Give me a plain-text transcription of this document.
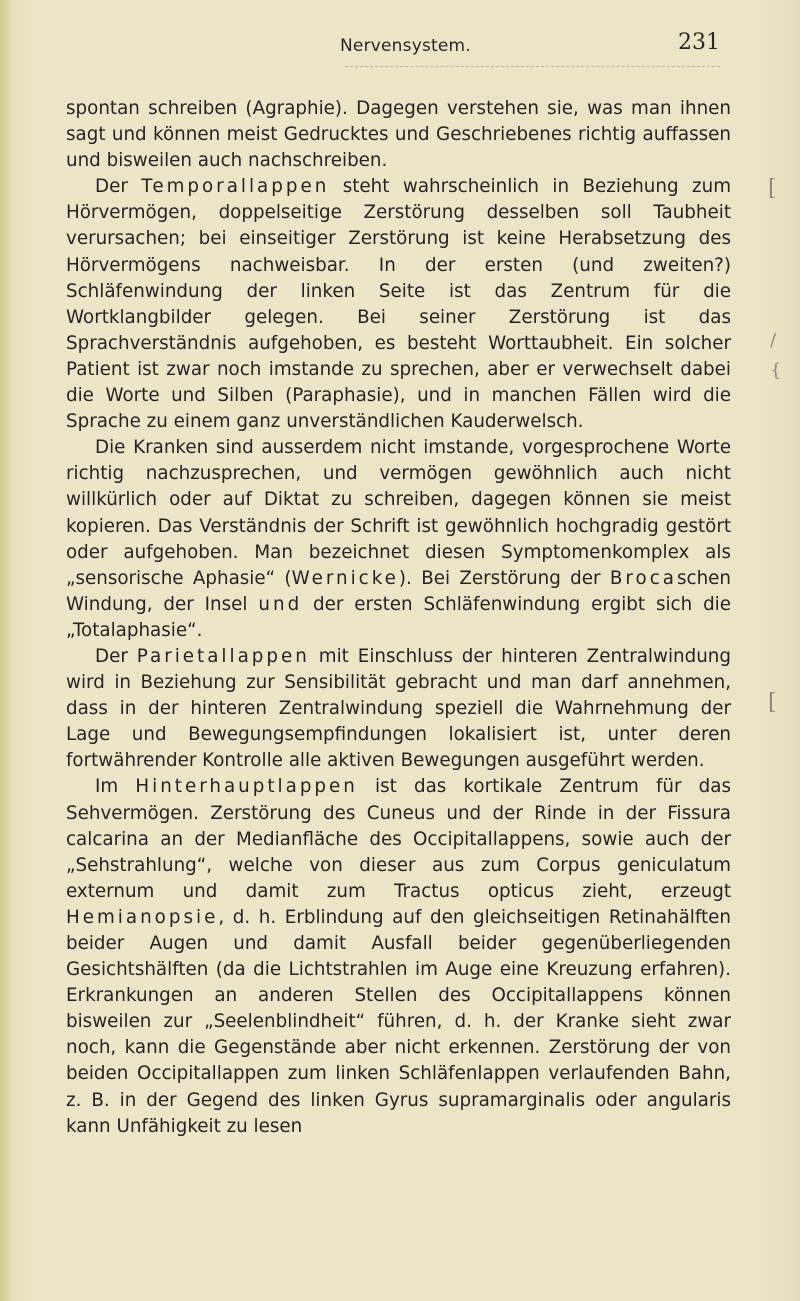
Nervensystem.	231

spontan schreiben (Agraphie). Dagegen verstehen sie, was man ihnen sagt und können meist Gedrucktes und Geschriebenes richtig auffassen und bisweilen auch nachschreiben.

Der Temporallappen steht wahrscheinlich in Beziehung zum Hörvermögen, doppelseitige Zerstörung desselben soll Taubheit verursachen; bei einseitiger Zerstörung ist keine Herabsetzung des Hörvermögens nachweisbar. In der ersten (und zweiten?) Schläfenwindung der linken Seite ist das Zentrum für die Wortklangbilder gelegen. Bei seiner Zerstörung ist das Sprachverständnis aufgehoben, es besteht Worttaubheit. Ein solcher Patient ist zwar noch imstande zu sprechen, aber er verwechselt dabei die Worte und Silben (Paraphasie), und in manchen Fällen wird die Sprache zu einem ganz unverständlichen Kauderwelsch.

Die Kranken sind ausserdem nicht imstande, vorgesprochene Worte richtig nachzusprechen, und vermögen gewöhnlich auch nicht willkürlich oder auf Diktat zu schreiben, dagegen können sie meist kopieren. Das Verständnis der Schrift ist gewöhnlich hochgradig gestört oder aufgehoben. Man bezeichnet diesen Symptomenkomplex als „sensorische Aphasie“ (Wernicke). Bei Zerstörung der Brocaschen Windung, der Insel und der ersten Schläfenwindung ergibt sich die „Totalaphasie“.

Der Parietallappen mit Einschluss der hinteren Zentralwindung wird in Beziehung zur Sensibilität gebracht und man darf annehmen, dass in der hinteren Zentralwindung speziell die Wahrnehmung der Lage und Bewegungsempfindungen lokalisiert ist, unter deren fortwährender Kontrolle alle aktiven Bewegungen ausgeführt werden.

Im Hinterhauptlappen ist das kortikale Zentrum für das Sehvermögen. Zerstörung des Cuneus und der Rinde in der Fissura calcarina an der Medianfläche des Occipitallappens, sowie auch der „Sehstrahlung“, welche von dieser aus zum Corpus geniculatum externum und damit zum Tractus opticus zieht, erzeugt Hemianopsie, d. h. Erblindung auf den gleichseitigen Retinahälften beider Augen und damit Ausfall beider gegenüberliegenden Gesichtshälften (da die Lichtstrahlen im Auge eine Kreuzung erfahren). Erkrankungen an anderen Stellen des Occipitallappens können bisweilen zur „Seelenblindheit“ führen, d. h. der Kranke sieht zwar noch, kann die Gegenstände aber nicht erkennen. Zerstörung der von beiden Occipitallappen zum linken Schläfenlappen verlaufenden Bahn, z. B. in der Gegend des linken Gyrus supramarginalis oder angularis kann Unfähigkeit zu lesen

[
[
/
{
